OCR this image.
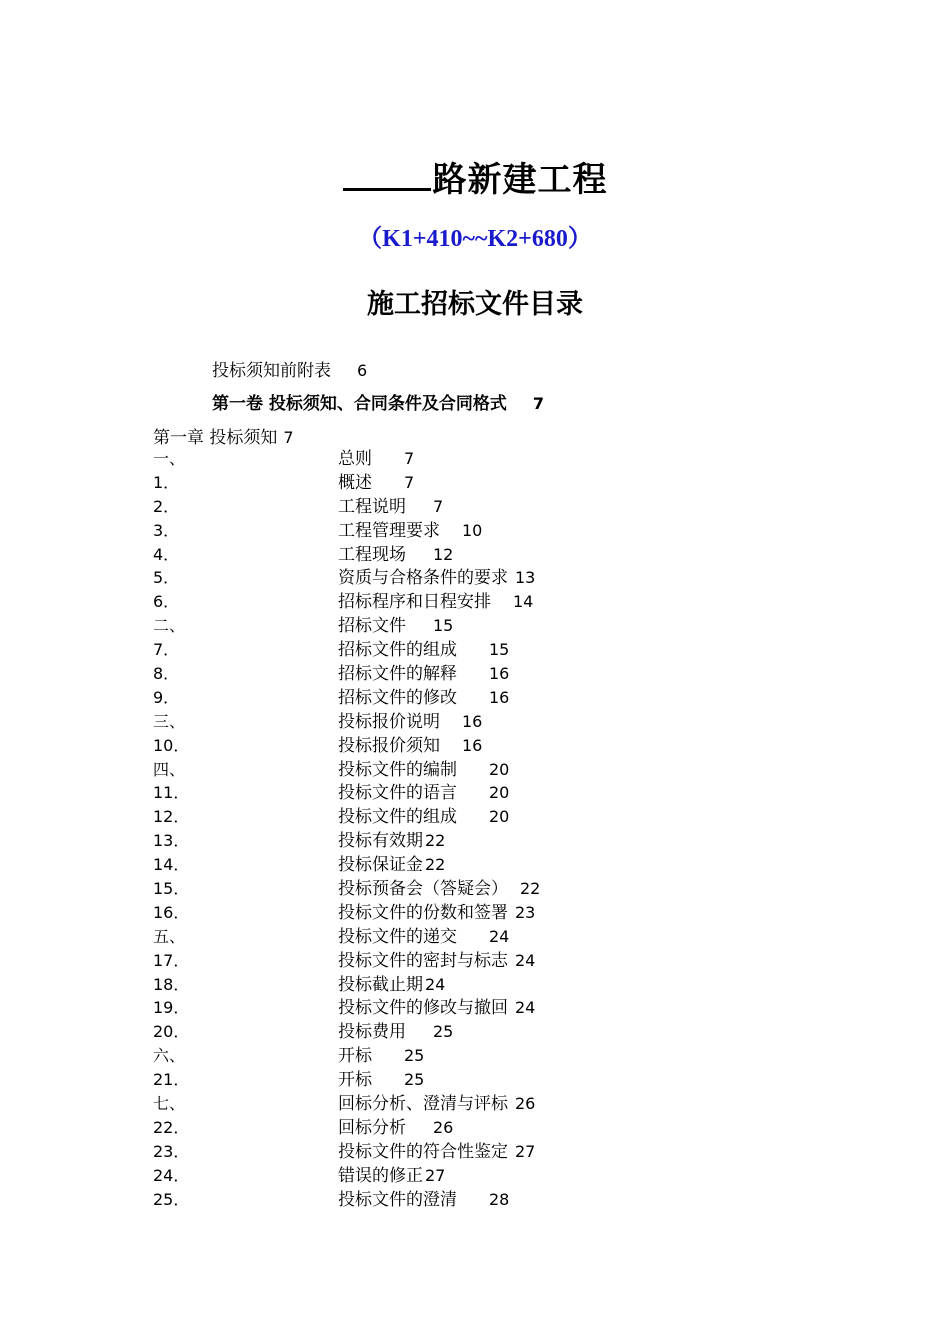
路新建工程
（K1+410~~K2+680）
施工招标文件目录
投标须知前附表 6
第一卷 投标须知、合同条件及合同格式 7
第一章 投标须知 7
一、	总则 7
1．	概述 7
2．	工程说明 7
3．	工程管理要求 10
4．	工程现场 12
5．	资质与合格条件的要求 13
6．	招标程序和日程安排 14
二、	招标文件 15
7．	招标文件的组成 15
8．	招标文件的解释 16
9．	招标文件的修改 16
三、	投标报价说明 16
10．	投标报价须知 16
四、	投标文件的编制 20
11．	投标文件的语言 20
12．	投标文件的组成 20
13．	投标有效期 22
14．	投标保证金 22
15．	投标预备会（答疑会） 22
16．	投标文件的份数和签署 23
五、	投标文件的递交 24
17．	投标文件的密封与标志 24
18．	投标截止期 24
19．	投标文件的修改与撤回 24
20．	投标费用 25
六、	开标 25
21．	开标 25
七、	回标分析、澄清与评标 26
22．	回标分析 26
23．	投标文件的符合性鉴定 27
24．	错误的修正 27
25．	投标文件的澄清 28
